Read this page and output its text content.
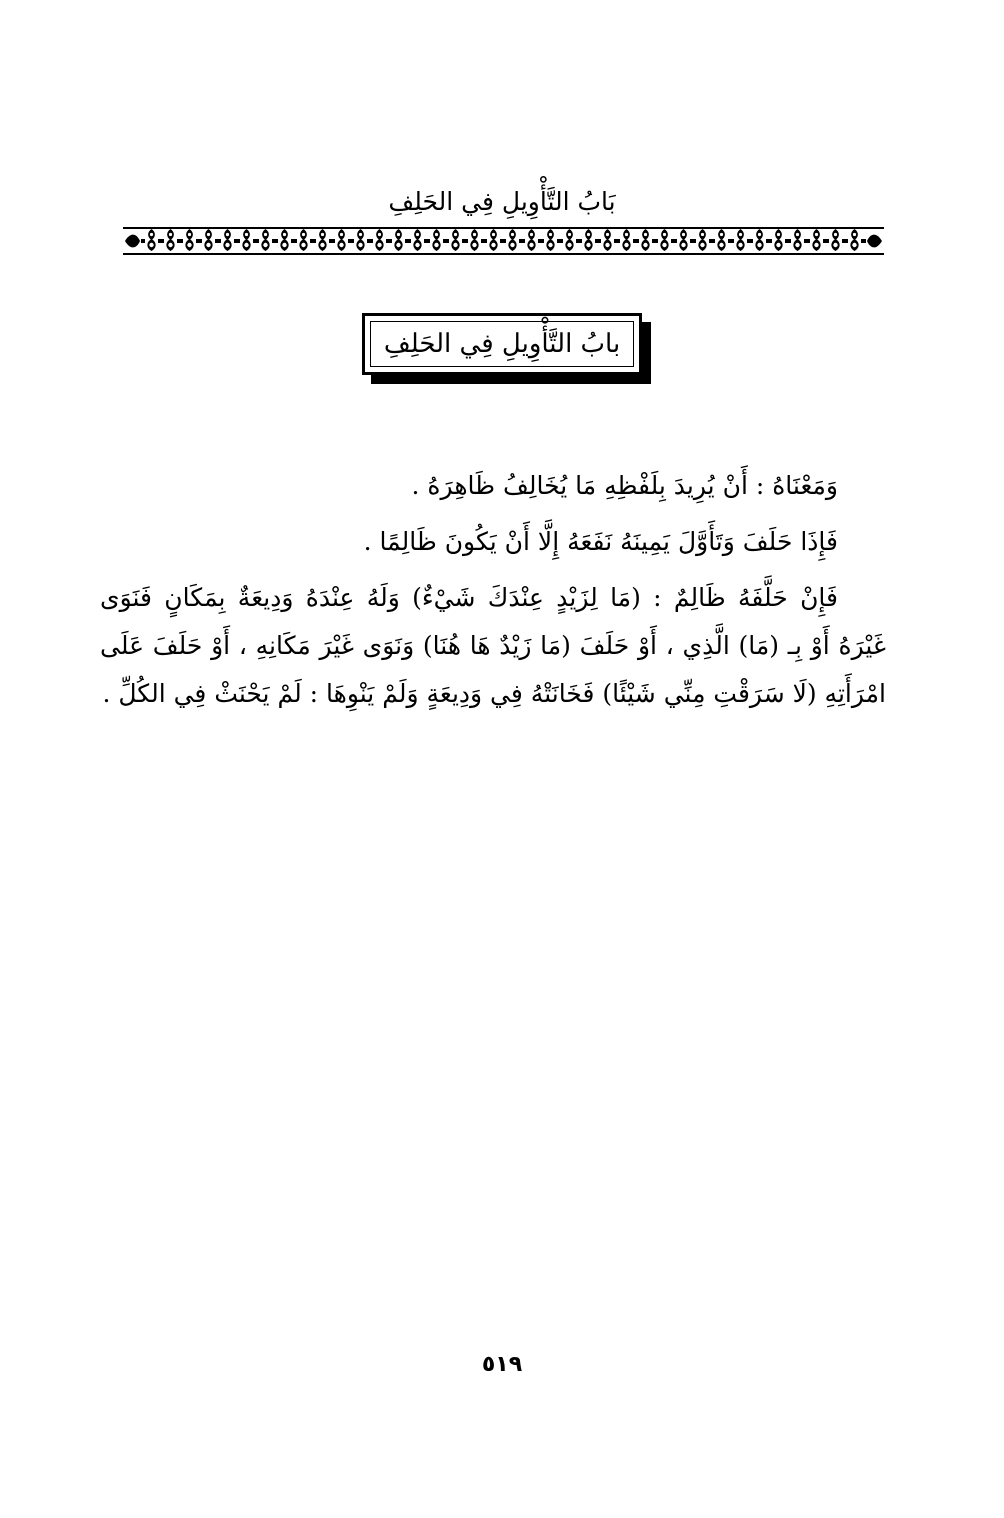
بَابُ التَّأْوِيلِ فِي الحَلِفِ
بابُ التَّأْوِيلِ فِي الحَلِفِ

وَمَعْنَاهُ : أَنْ يُرِيدَ بِلَفْظِهِ مَا يُخَالِفُ ظَاهِرَهُ .

فَإِذَا حَلَفَ وَتَأَوَّلَ يَمِينَهُ نَفَعَهُ إِلَّا أَنْ يَكُونَ ظَالِمًا .

فَإِنْ حَلَّفَهُ ظَالِمٌ : (مَا لِزَيْدٍ عِنْدَكَ شَيْءٌ) وَلَهُ عِنْدَهُ وَدِيعَةٌ بِمَكَانٍ فَنَوَى غَيْرَهُ أَوْ بِـ (مَا) الَّذِي ، أَوْ حَلَفَ (مَا زَيْدٌ هَا هُنَا) وَنَوَى غَيْرَ مَكَانِهِ ، أَوْ حَلَفَ عَلَى امْرَأَتِهِ (لَا سَرَقْتِ مِنِّي شَيْئًا) فَخَانَتْهُ فِي وَدِيعَةٍ وَلَمْ يَنْوِهَا : لَمْ يَحْنَثْ فِي الكُلِّ .

٥١٩
